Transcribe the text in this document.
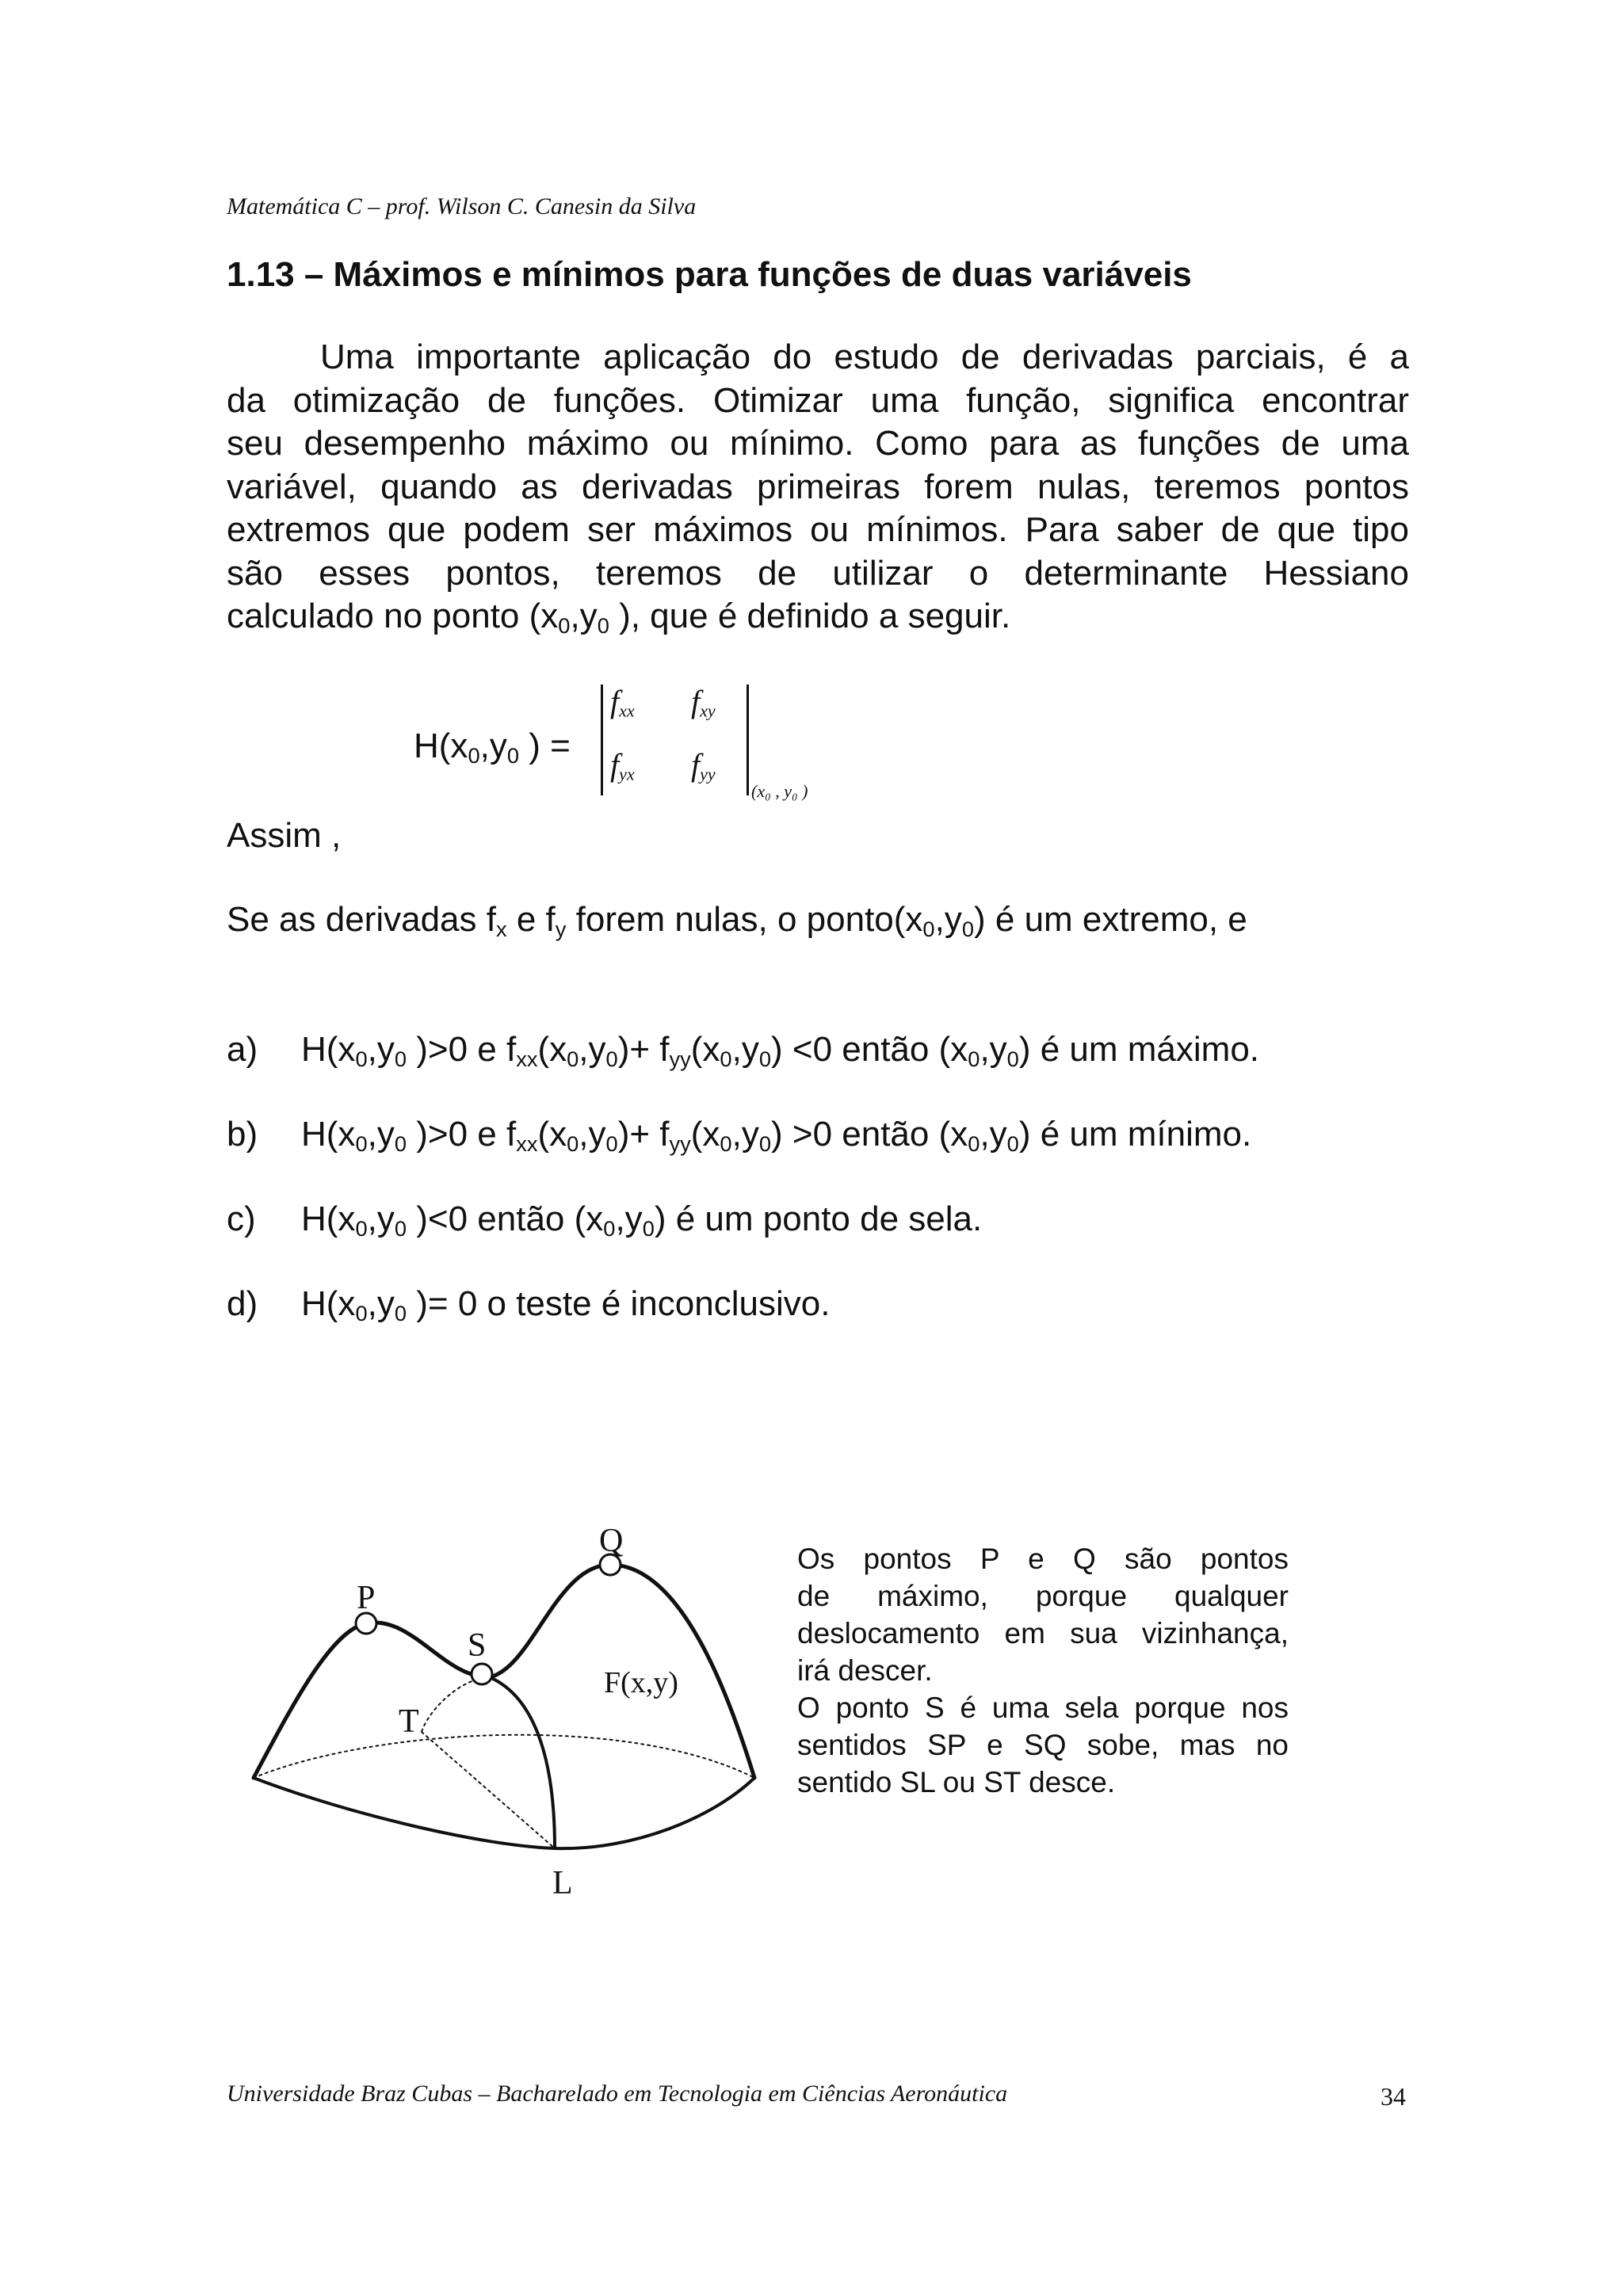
Matemática C – prof. Wilson C. Canesin da Silva
1.13 – Máximos e mínimos para funções de duas variáveis
Uma importante aplicação do estudo de derivadas parciais, é a
da otimização de funções. Otimizar uma função, significa encontrar
seu desempenho máximo ou mínimo. Como para as funções de uma
variável, quando as derivadas primeiras forem nulas, teremos pontos
extremos que podem ser máximos ou mínimos. Para saber de que tipo
são esses pontos, teremos de utilizar o determinante Hessiano
calculado no ponto ($x_0,y_0$ ), que é definido a seguir.
$H(x_0,y_0$ ) =
fxx fxy
fyx fyy
(x₀ , y₀ )
Assim ,
Se as derivadas $f_x$ e $f_y$ forem nulas, o $ponto(x_0,y_0)$ é um extremo, e
a) $H(x_0,y_0$ )>0 e $f_{xx}(x_0,y_0)+ f_{yy}(x_0,y_0) <0$ então $(x_0,y_0)$ é um máximo.
b) $H(x_0,y_0$ )>0 e $f_{xx}(x_0,y_0)+ f_{yy}(x_0,y_0) >0$ então $(x_0,y_0)$ é um mínimo.
c) $H(x_0,y_0$ )<0 então $(x_0,y_0)$ é um ponto de sela.
d) $H(x_0,y_0$ )= 0 o teste é inconclusivo.
P
S
Q
T
L
F(x,y)
Os pontos P e Q são pontos
de máximo, porque qualquer
deslocamento em sua vizinhança,
irá descer.
O ponto S é uma sela porque nos
sentidos SP e SQ sobe, mas no
sentido SL ou ST desce.
Universidade Braz Cubas – Bacharelado em Tecnologia em Ciências Aeronáutica	34
